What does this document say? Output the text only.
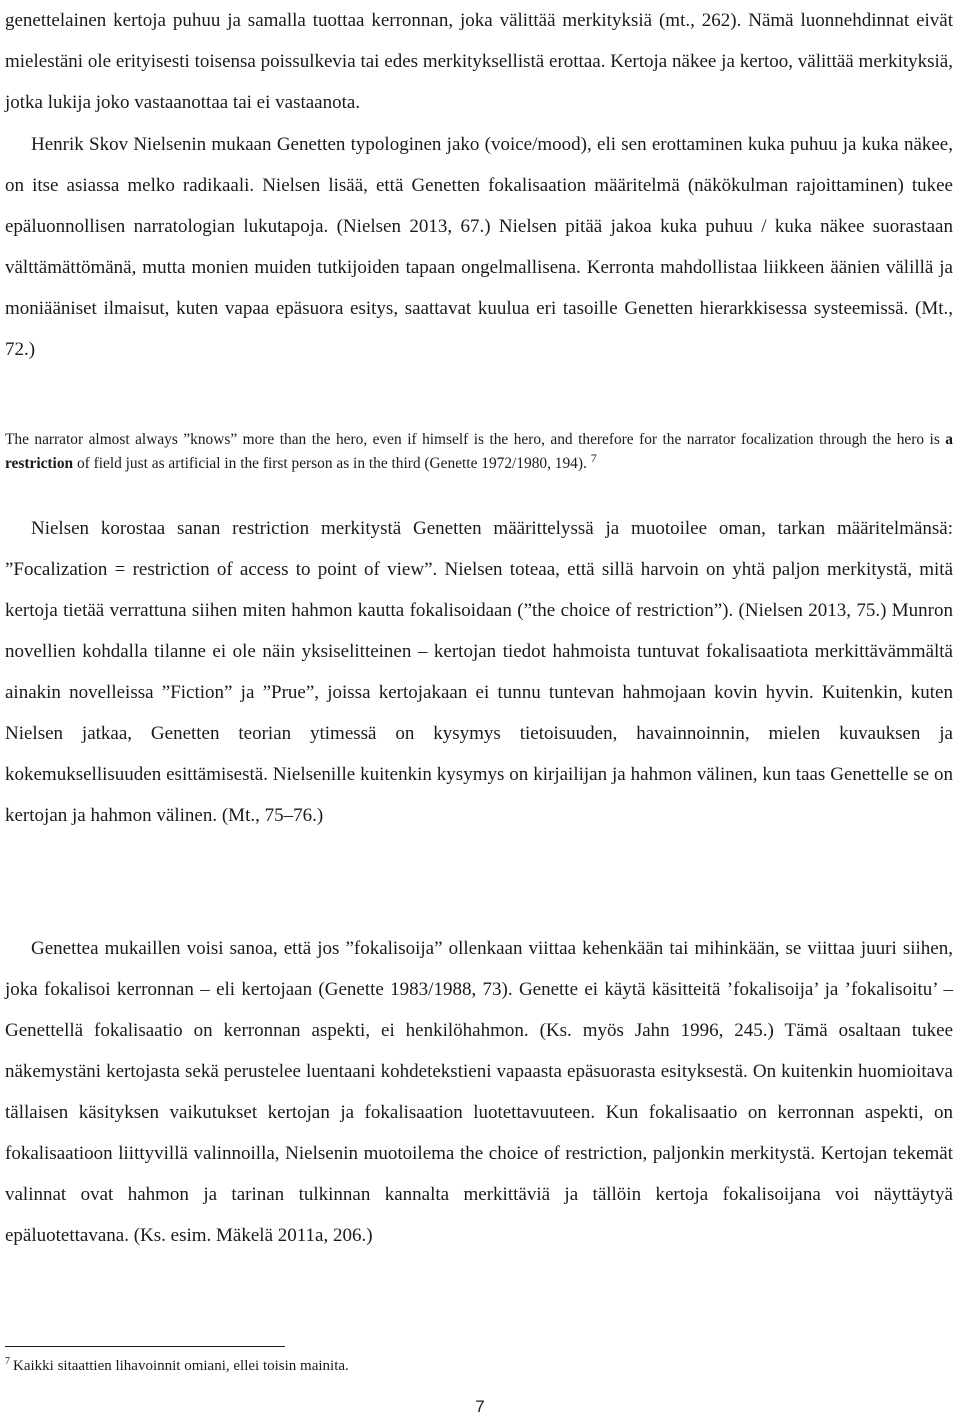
genettelainen kertoja puhuu ja samalla tuottaa kerronnan, joka välittää merkityksiä (mt., 262). Nämä luonnehdinnat eivät mielestäni ole erityisesti toisensa poissulkevia tai edes merkityksellistä erottaa. Kertoja näkee ja kertoo, välittää merkityksiä, jotka lukija joko vastaanottaa tai ei vastaanota.

Henrik Skov Nielsenin mukaan Genetten typologinen jako (voice/mood), eli sen erottaminen kuka puhuu ja kuka näkee, on itse asiassa melko radikaali. Nielsen lisää, että Genetten fokalisaation määritelmä (näkökulman rajoittaminen) tukee epäluonnollisen narratologian lukutapoja. (Nielsen 2013, 67.) Nielsen pitää jakoa kuka puhuu / kuka näkee suorastaan välttämättömänä, mutta monien muiden tutkijoiden tapaan ongelmallisena. Kerronta mahdollistaa liikkeen äänien välillä ja moniääniset ilmaisut, kuten vapaa epäsuora esitys, saattavat kuulua eri tasoille Genetten hierarkkisessa systeemissä. (Mt., 72.)

The narrator almost always ”knows” more than the hero, even if himself is the hero, and therefore for the narrator focalization through the hero is a restriction of field just as artificial in the first person as in the third (Genette 1972/1980, 194). $^7$

Nielsen korostaa sanan restriction merkitystä Genetten määrittelyssä ja muotoilee oman, tarkan määritelmänsä: ”Focalization = restriction of access to point of view”. Nielsen toteaa, että sillä harvoin on yhtä paljon merkitystä, mitä kertoja tietää verrattuna siihen miten hahmon kautta fokalisoidaan (”the choice of restriction”). (Nielsen 2013, 75.) Munron novellien kohdalla tilanne ei ole näin yksiselitteinen – kertojan tiedot hahmoista tuntuvat fokalisaatiota merkittävämmältä ainakin novelleissa ”Fiction” ja ”Prue”, joissa kertojakaan ei tunnu tuntevan hahmojaan kovin hyvin. Kuitenkin, kuten Nielsen jatkaa, Genetten teorian ytimessä on kysymys tietoisuuden, havainnoinnin, mielen kuvauksen ja kokemuksellisuuden esittämisestä. Nielsenille kuitenkin kysymys on kirjailijan ja hahmon välinen, kun taas Genettelle se on kertojan ja hahmon välinen. (Mt., 75–76.)

Genettea mukaillen voisi sanoa, että jos ”fokalisoija” ollenkaan viittaa kehenkään tai mihinkään, se viittaa juuri siihen, joka fokalisoi kerronnan – eli kertojaan (Genette 1983/1988, 73). Genette ei käytä käsitteitä ’fokalisoija’ ja ’fokalisoitu’ – Genettellä fokalisaatio on kerronnan aspekti, ei henkilöhahmon. (Ks. myös Jahn 1996, 245.) Tämä osaltaan tukee näkemystäni kertojasta sekä perustelee luentaani kohdetekstieni vapaasta epäsuorasta esityksestä. On kuitenkin huomioitava tällaisen käsityksen vaikutukset kertojan ja fokalisaation luotettavuuteen. Kun fokalisaatio on kerronnan aspekti, on fokalisaatioon liittyvillä valinnoilla, Nielsenin muotoilema the choice of restriction, paljonkin merkitystä. Kertojan tekemät valinnat ovat hahmon ja tarinan tulkinnan kannalta merkittäviä ja tällöin kertoja fokalisoijana voi näyttäytyä epäluotettavana. (Ks. esim. Mäkelä 2011a, 206.)

$^7$ Kaikki sitaattien lihavoinnit omiani, ellei toisin mainita.

7
